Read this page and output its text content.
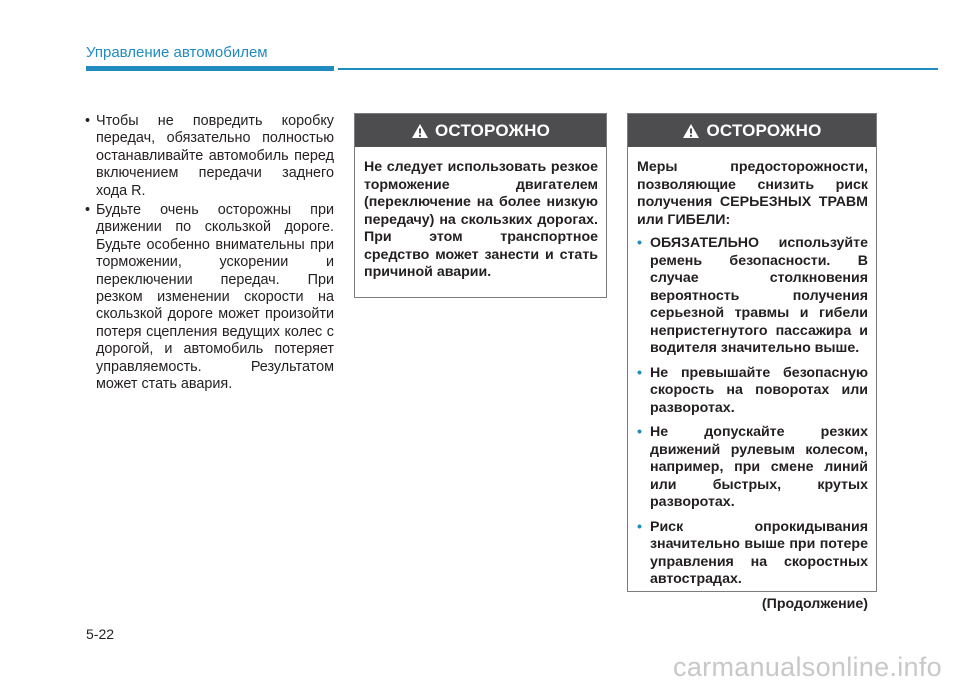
Управление автомобилем
• Чтобы не повредить коробку передач, обязательно полностью останавливайте автомобиль перед включением передачи заднего хода R.
• Будьте очень осторожны при движении по скользкой дороге. Будьте особенно внимательны при торможении, ускорении и переключении передач. При резком изменении скорости на скользкой дороге может произойти потеря сцепления ведущих колес с дорогой, и автомобиль потеряет управляемость. Результатом может стать авария.
ОСТОРОЖНО

Не следует использовать резкое торможение двигателем (переключение на более низкую передачу) на скользких дорогах. При этом транспортное средство может занести и стать причиной аварии.

ОСТОРОЖНО

Меры предосторожности, позволяющие снизить риск получения СЕРЬЕЗНЫХ ТРАВМ или ГИБЕЛИ:

• ОБЯЗАТЕЛЬНО используйте ремень безопасности. В случае столкновения вероятность получения серьезной травмы и гибели непристегнутого пассажира и водителя значительно выше.
• Не превышайте безопасную скорость на поворотах или разворотах.
• Не допускайте резких движений рулевым колесом, например, при смене линий или быстрых, крутых разворотах.
• Риск опрокидывания значительно выше при потере управления на скоростных автострадах.
(Продолжение)
5-22
carmanualsonline.info
